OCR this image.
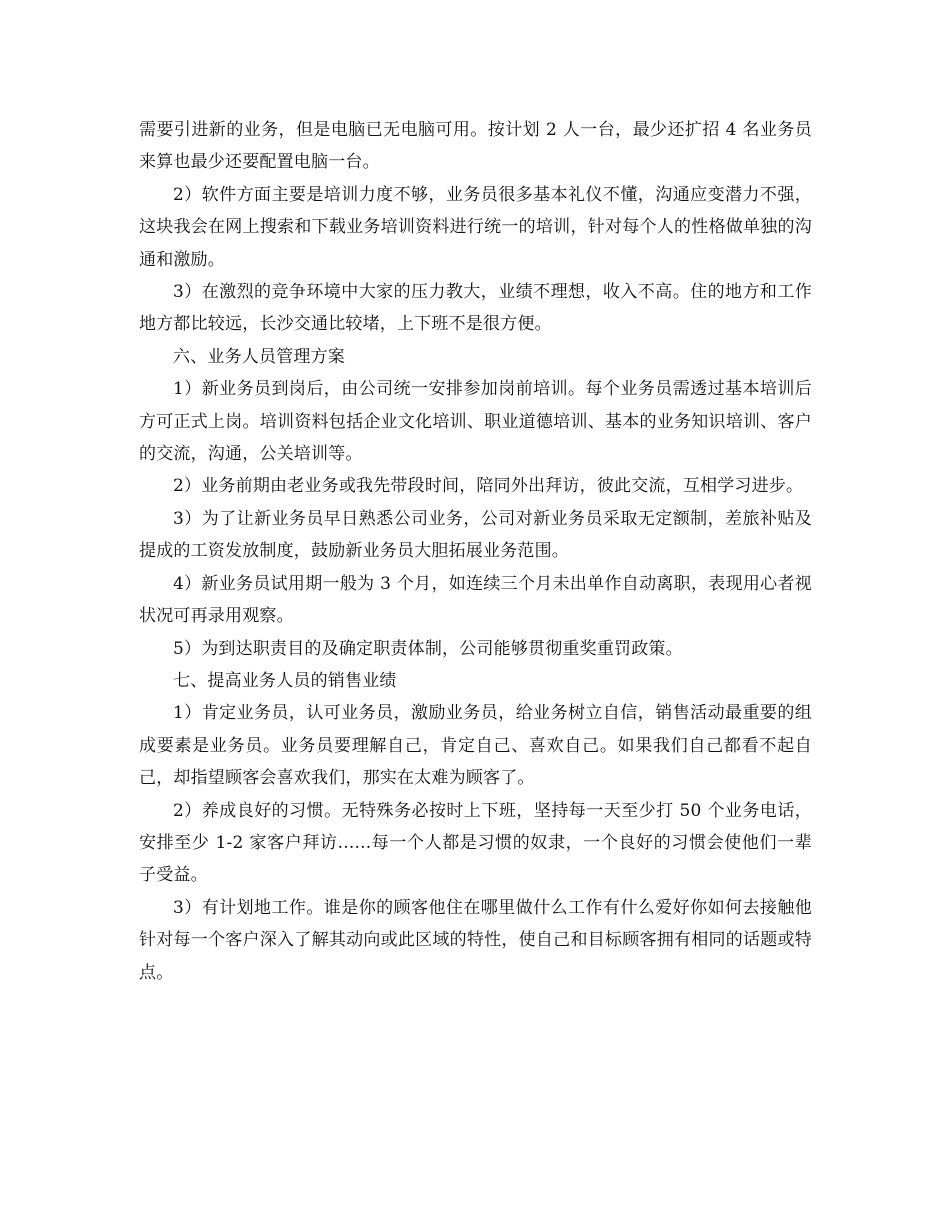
需要引进新的业务，但是电脑已无电脑可用。按计划 2 人一台，最少还扩招 4 名业务员来算也最少还要配置电脑一台。

2）软件方面主要是培训力度不够，业务员很多基本礼仪不懂，沟通应变潜力不强，这块我会在网上搜索和下载业务培训资料进行统一的培训，针对每个人的性格做单独的沟通和激励。

3）在激烈的竞争环境中大家的压力教大，业绩不理想，收入不高。住的地方和工作地方都比较远，长沙交通比较堵，上下班不是很方便。

六、业务人员管理方案

1）新业务员到岗后，由公司统一安排参加岗前培训。每个业务员需透过基本培训后方可正式上岗。培训资料包括企业文化培训、职业道德培训、基本的业务知识培训、客户的交流，沟通，公关培训等。

2）业务前期由老业务或我先带段时间，陪同外出拜访，彼此交流，互相学习进步。

3）为了让新业务员早日熟悉公司业务，公司对新业务员采取无定额制，差旅补贴及提成的工资发放制度，鼓励新业务员大胆拓展业务范围。

4）新业务员试用期一般为 3 个月，如连续三个月未出单作自动离职，表现用心者视状况可再录用观察。

5）为到达职责目的及确定职责体制，公司能够贯彻重奖重罚政策。

七、提高业务人员的销售业绩

1）肯定业务员，认可业务员，激励业务员，给业务树立自信，销售活动最重要的组成要素是业务员。业务员要理解自己，肯定自己、喜欢自己。如果我们自己都看不起自己，却指望顾客会喜欢我们，那实在太难为顾客了。

2）养成良好的习惯。无特殊务必按时上下班，坚持每一天至少打 50 个业务电话，安排至少 1-2 家客户拜访......每一个人都是习惯的奴隶，一个良好的习惯会使他们一辈子受益。

3）有计划地工作。谁是你的顾客他住在哪里做什么工作有什么爱好你如何去接触他针对每一个客户深入了解其动向或此区域的特性，使自己和目标顾客拥有相同的话题或特点。
